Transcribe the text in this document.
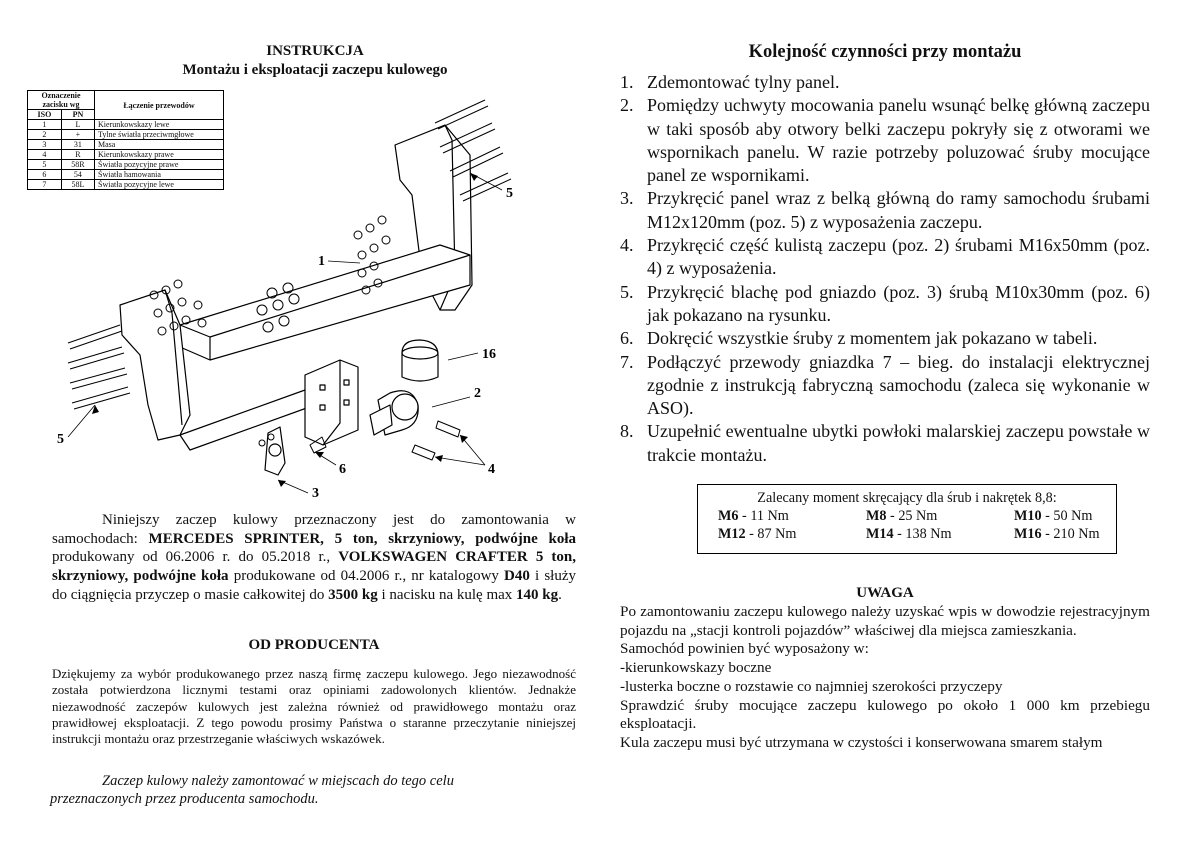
INSTRUKCJA
Montażu i eksploatacji zaczepu kulowego
1
16
2
4
5
5
6
3
Oznaczenie zacisku wg		Łączenie przewodów
ISO	PN	
1	L	Kierunkowskazy lewe
2	+	Tylne światła przeciwmgłowe
3	31	Masa
4	R	Kierunkowskazy prawe
5	58R	Światła pozycyjne prawe
6	54	Światła hamowania
7	58L	Światła pozycyjne lewe
Niniejszy zaczep kulowy przeznaczony jest do zamontowania w samochodach: MERCEDES SPRINTER, 5 ton, skrzyniowy, podwójne koła produkowany od 06.2006 r. do 05.2018 r., VOLKSWAGEN CRAFTER 5 ton, skrzyniowy, podwójne koła produkowane od 04.2006 r., nr katalogowy D40 i służy do ciągnięcia przyczep o masie całkowitej do 3500 kg i nacisku na kulę max 140 kg.
OD PRODUCENTA
Dziękujemy za wybór produkowanego przez naszą firmę zaczepu kulowego. Jego niezawodność została potwierdzona licznymi testami oraz opiniami zadowolonych klientów. Jednakże niezawodność zaczepów kulowych jest zależna również od prawidłowego montażu oraz prawidłowej eksploatacji. Z tego powodu prosimy Państwa o staranne przeczytanie niniejszej instrukcji montażu oraz przestrzeganie właściwych wskazówek.
Zaczep kulowy należy zamontować w miejscach do tego celu
przeznaczonych przez producenta samochodu.
Kolejność czynności przy montażu
1. Zdemontować tylny panel.
2. Pomiędzy uchwyty mocowania panelu wsunąć belkę główną zaczepu w taki sposób aby otwory belki zaczepu pokryły się z otworami we wspornikach panelu. W razie potrzeby poluzować śruby mocujące panel ze wspornikami.
3. Przykręcić panel wraz z belką główną do ramy samochodu śrubami M12x120mm (poz. 5) z wyposażenia zaczepu.
4. Przykręcić część kulistą zaczepu (poz. 2) śrubami M16x50mm (poz. 4) z wyposażenia.
5. Przykręcić blachę pod gniazdo (poz. 3) śrubą M10x30mm (poz. 6) jak pokazano na rysunku.
6. Dokręcić wszystkie śruby z momentem jak pokazano w tabeli.
7. Podłączyć przewody gniazdka 7 – bieg. do instalacji elektrycznej zgodnie z instrukcją fabryczną samochodu (zaleca się wykonanie w ASO).
8. Uzupełnić ewentualne ubytki powłoki malarskiej zaczepu powstałe w trakcie montażu.
Zalecany moment skręcający dla śrub i nakrętek 8,8:
M6 - 11 Nm	M8 - 25 Nm	M10 - 50 Nm
M12 - 87 Nm	M14 - 138 Nm	M16 - 210 Nm
UWAGA
Po zamontowaniu zaczepu kulowego należy uzyskać wpis w dowodzie rejestracyjnym pojazdu na „stacji kontroli pojazdów” właściwej dla miejsca zamieszkania.
Samochód powinien być wyposażony w:
-kierunkowskazy boczne
-lusterka boczne o rozstawie co najmniej szerokości przyczepy
Sprawdzić śruby mocujące zaczepu kulowego po około 1 000 km przebiegu eksploatacji.
Kula zaczepu musi być utrzymana w czystości i konserwowana smarem stałym
